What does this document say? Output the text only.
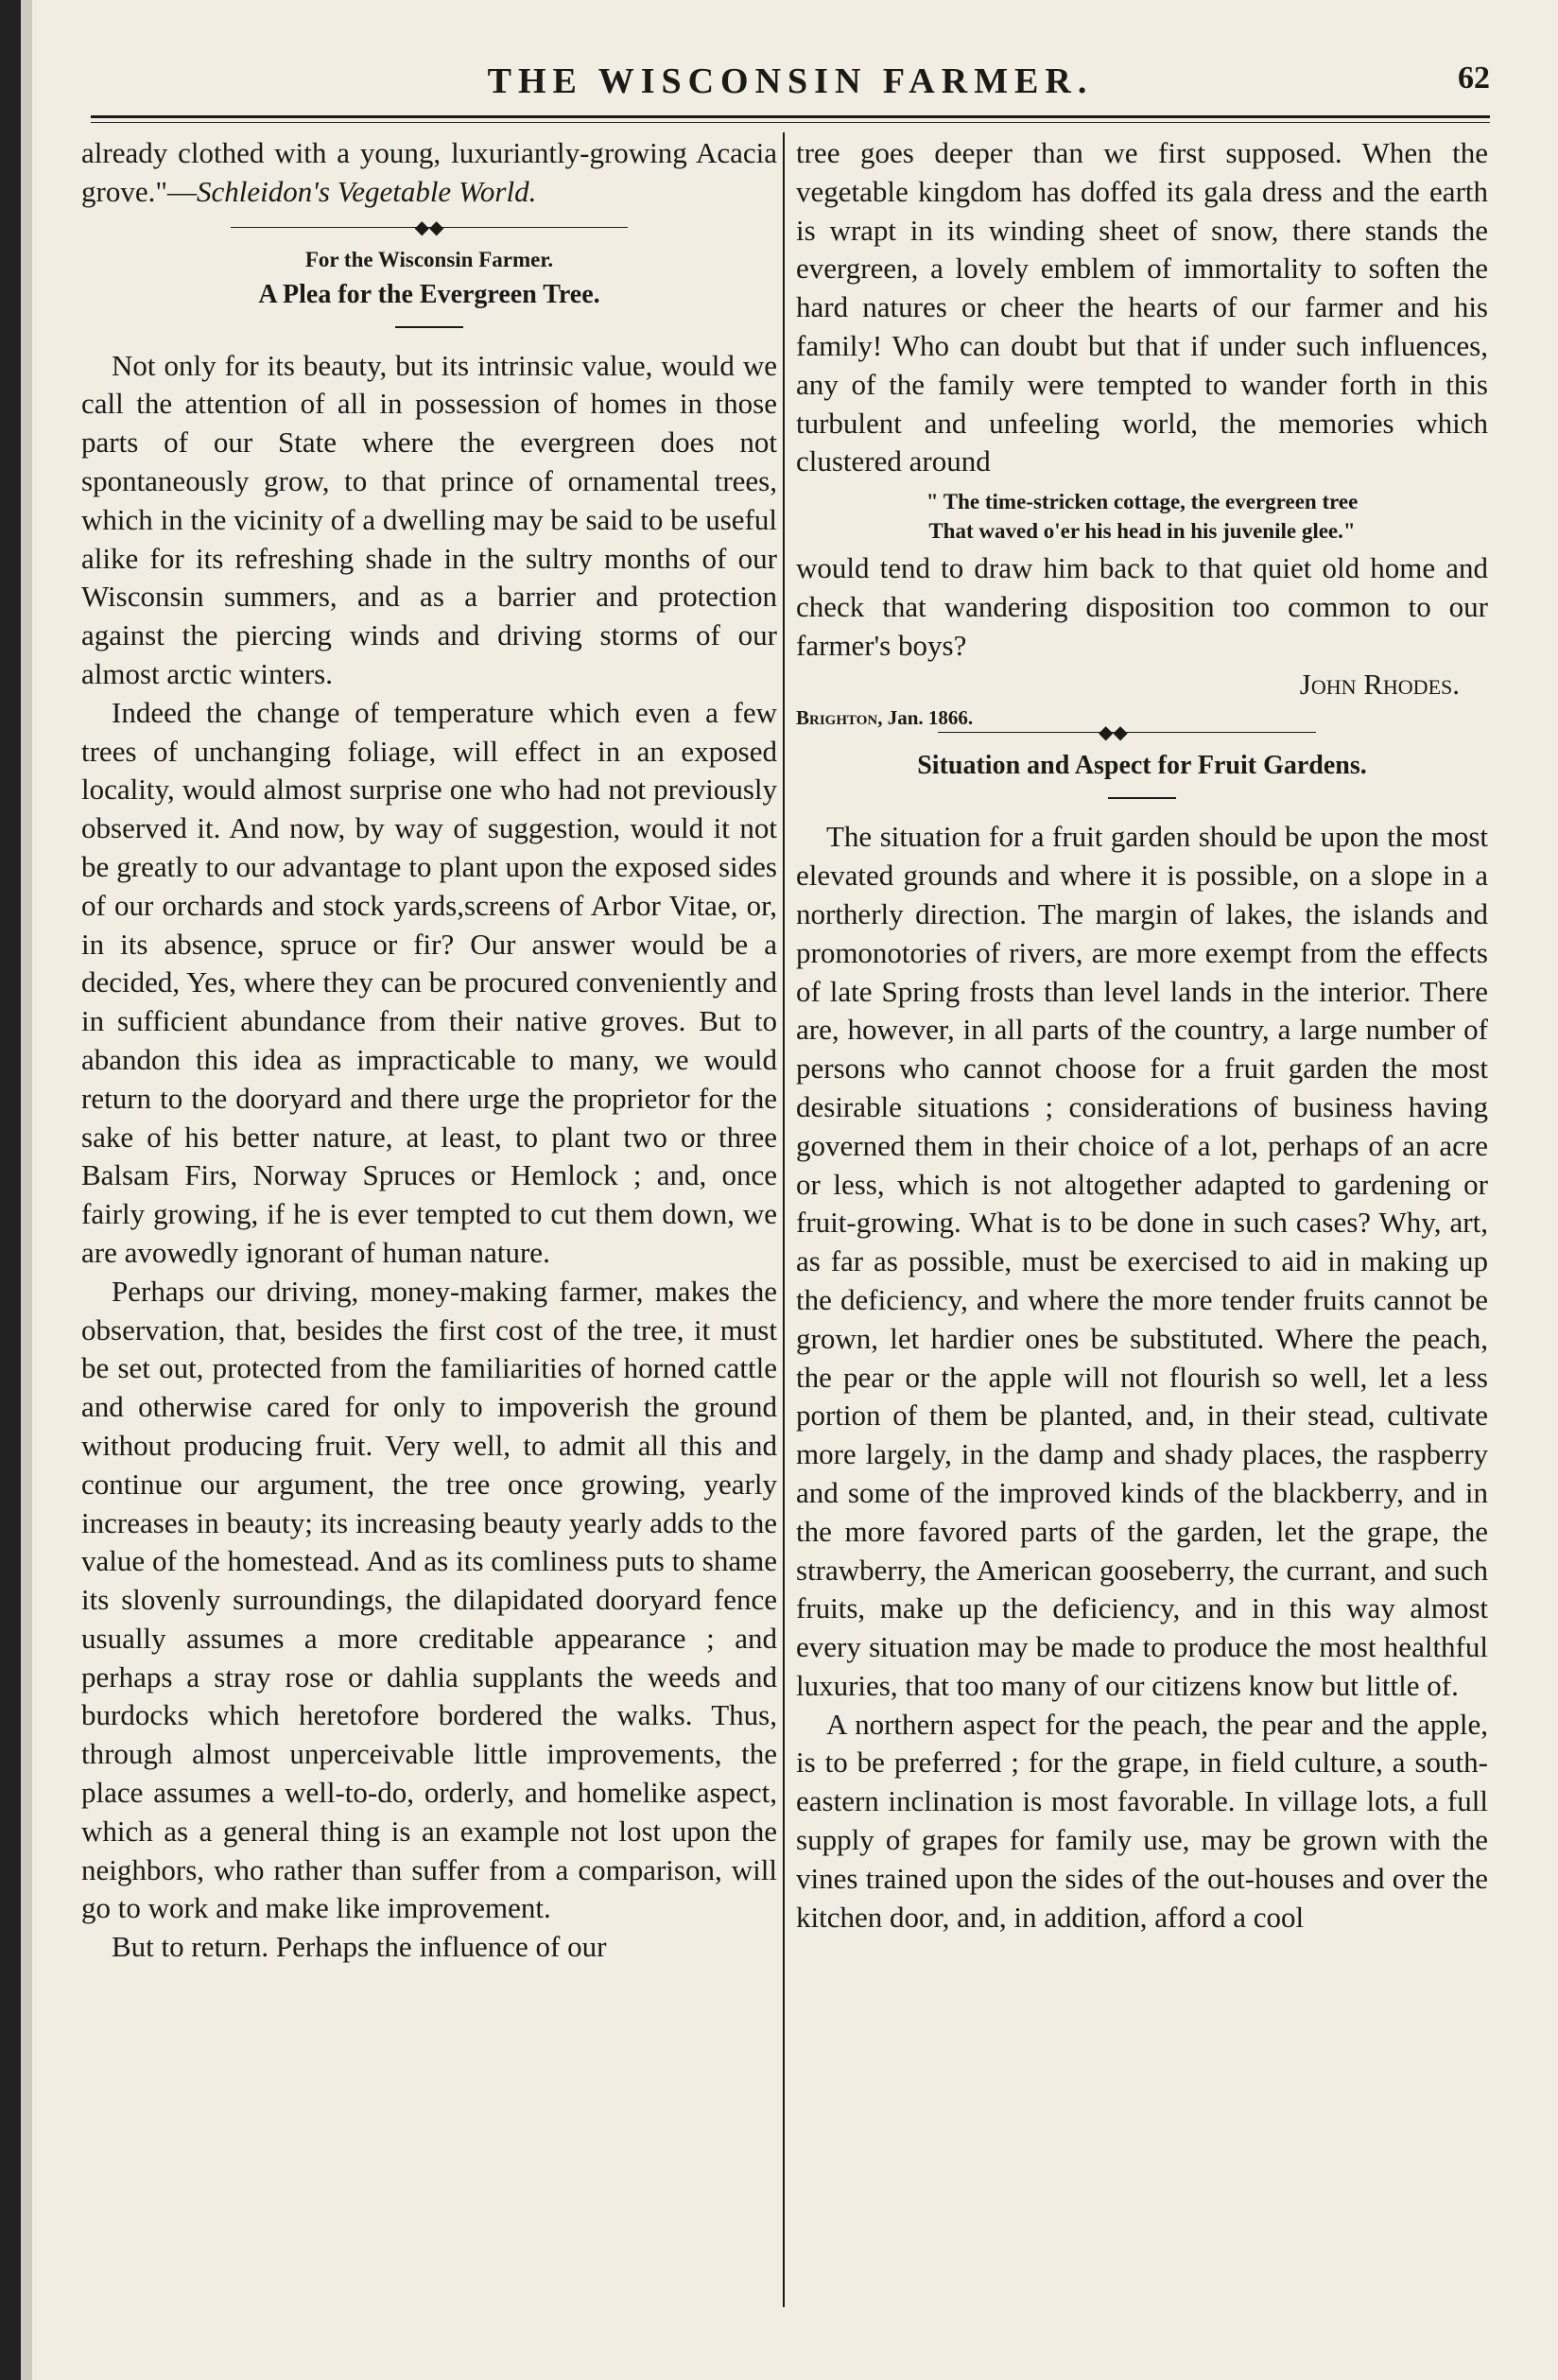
THE WISCONSIN FARMER.	62

already clothed with a young, luxuriantly-growing Acacia grove."—Schleidon's Vegetable World.

◆◆
For the Wisconsin Farmer.
A Plea for the Evergreen Tree.

Not only for its beauty, but its intrinsic value, would we call the attention of all in possession of homes in those parts of our State where the evergreen does not spontaneously grow, to that prince of ornamental trees, which in the vicinity of a dwelling may be said to be useful alike for its refreshing shade in the sultry months of our Wisconsin summers, and as a barrier and protection against the piercing winds and driving storms of our almost arctic winters.

Indeed the change of temperature which even a few trees of unchanging foliage, will effect in an exposed locality, would almost surprise one who had not previously observed it. And now, by way of suggestion, would it not be greatly to our advantage to plant upon the exposed sides of our orchards and stock yards,screens of Arbor Vitae, or, in its absence, spruce or fir? Our answer would be a decided, Yes, where they can be procured conveniently and in sufficient abundance from their native groves. But to abandon this idea as impracticable to many, we would return to the dooryard and there urge the proprietor for the sake of his better nature, at least, to plant two or three Balsam Firs, Norway Spruces or Hemlock ; and, once fairly growing, if he is ever tempted to cut them down, we are avowedly ignorant of human nature.

Perhaps our driving, money-making farmer, makes the observation, that, besides the first cost of the tree, it must be set out, protected from the familiarities of horned cattle and otherwise cared for only to impoverish the ground without producing fruit. Very well, to admit all this and continue our argument, the tree once growing, yearly increases in beauty; its increasing beauty yearly adds to the value of the homestead. And as its comliness puts to shame its slovenly surroundings, the dilapidated dooryard fence usually assumes a more creditable appearance ; and perhaps a stray rose or dahlia supplants the weeds and burdocks which heretofore bordered the walks. Thus, through almost unperceivable little improvements, the place assumes a well-to-do, orderly, and homelike aspect, which as a general thing is an example not lost upon the neighbors, who rather than suffer from a comparison, will go to work and make like improvement.

But to return. Perhaps the influence of our

tree goes deeper than we first supposed. When the vegetable kingdom has doffed its gala dress and the earth is wrapt in its winding sheet of snow, there stands the evergreen, a lovely emblem of immortality to soften the hard natures or cheer the hearts of our farmer and his family! Who can doubt but that if under such influences, any of the family were tempted to wander forth in this turbulent and unfeeling world, the memories which clustered around

" The time-stricken cottage, the evergreen tree
That waved o'er his head in his juvenile glee."

would tend to draw him back to that quiet old home and check that wandering disposition too common to our farmer's boys?

John Rhodes.

Brighton, Jan. 1866.

◆◆
Situation and Aspect for Fruit Gardens.

The situation for a fruit garden should be upon the most elevated grounds and where it is possible, on a slope in a northerly direction. The margin of lakes, the islands and promonotories of rivers, are more exempt from the effects of late Spring frosts than level lands in the interior. There are, however, in all parts of the country, a large number of persons who cannot choose for a fruit garden the most desirable situations ; considerations of business having governed them in their choice of a lot, perhaps of an acre or less, which is not altogether adapted to gardening or fruit-growing. What is to be done in such cases? Why, art, as far as possible, must be exercised to aid in making up the deficiency, and where the more tender fruits cannot be grown, let hardier ones be substituted. Where the peach, the pear or the apple will not flourish so well, let a less portion of them be planted, and, in their stead, cultivate more largely, in the damp and shady places, the raspberry and some of the improved kinds of the blackberry, and in the more favored parts of the garden, let the grape, the strawberry, the American gooseberry, the currant, and such fruits, make up the deficiency, and in this way almost every situation may be made to produce the most healthful luxuries, that too many of our citizens know but little of.

A northern aspect for the peach, the pear and the apple, is to be preferred ; for the grape, in field culture, a south-eastern inclination is most favorable. In village lots, a full supply of grapes for family use, may be grown with the vines trained upon the sides of the out-houses and over the kitchen door, and, in addition, afford a cool
